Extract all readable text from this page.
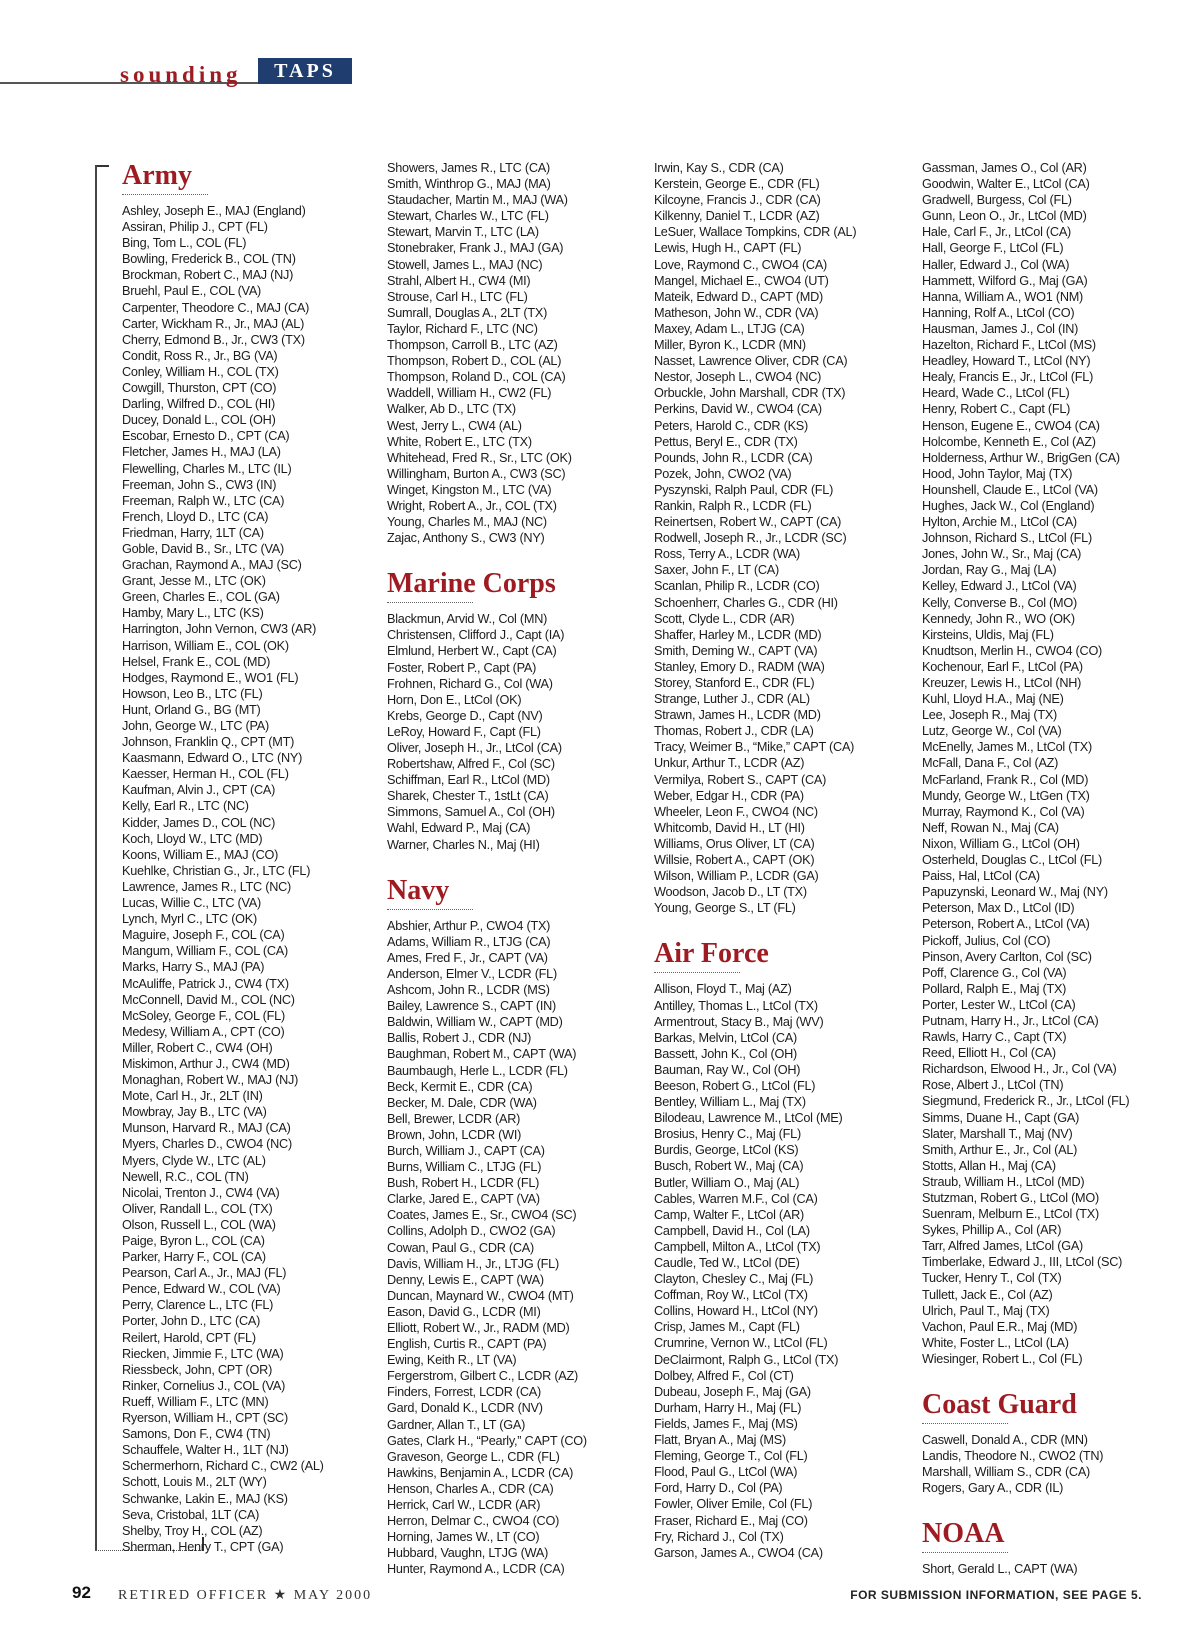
sounding	TAPS
Army
Ashley, Joseph E., MAJ (England)
Assiran, Philip J., CPT (FL)
Bing, Tom L., COL (FL)
Bowling, Frederick B., COL (TN)
Brockman, Robert C., MAJ (NJ)
Bruehl, Paul E., COL (VA)
Carpenter, Theodore C., MAJ (CA)
Carter, Wickham R., Jr., MAJ (AL)
Cherry, Edmond B., Jr., CW3 (TX)
Condit, Ross R., Jr., BG (VA)
Conley, William H., COL (TX)
Cowgill, Thurston, CPT (CO)
Darling, Wilfred D., COL (HI)
Ducey, Donald L., COL (OH)
Escobar, Ernesto D., CPT (CA)
Fletcher, James H., MAJ (LA)
Flewelling, Charles M., LTC (IL)
Freeman, John S., CW3 (IN)
Freeman, Ralph W., LTC (CA)
French, Lloyd D., LTC (CA)
Friedman, Harry, 1LT (CA)
Goble, David B., Sr., LTC (VA)
Grachan, Raymond A., MAJ (SC)
Grant, Jesse M., LTC (OK)
Green, Charles E., COL (GA)
Hamby, Mary L., LTC (KS)
Harrington, John Vernon, CW3 (AR)
Harrison, William E., COL (OK)
Helsel, Frank E., COL (MD)
Hodges, Raymond E., WO1 (FL)
Howson, Leo B., LTC (FL)
Hunt, Orland G., BG (MT)
John, George W., LTC (PA)
Johnson, Franklin Q., CPT (MT)
Kaasmann, Edward O., LTC (NY)
Kaesser, Herman H., COL (FL)
Kaufman, Alvin J., CPT (CA)
Kelly, Earl R., LTC (NC)
Kidder, James D., COL (NC)
Koch, Lloyd W., LTC (MD)
Koons, William E., MAJ (CO)
Kuehlke, Christian G., Jr., LTC (FL)
Lawrence, James R., LTC (NC)
Lucas, Willie C., LTC (VA)
Lynch, Myrl C., LTC (OK)
Maguire, Joseph F., COL (CA)
Mangum, William F., COL (CA)
Marks, Harry S., MAJ (PA)
McAuliffe, Patrick J., CW4 (TX)
McConnell, David M., COL (NC)
McSoley, George F., COL (FL)
Medesy, William A., CPT (CO)
Miller, Robert C., CW4 (OH)
Miskimon, Arthur J., CW4 (MD)
Monaghan, Robert W., MAJ (NJ)
Mote, Carl H., Jr., 2LT (IN)
Mowbray, Jay B., LTC (VA)
Munson, Harvard R., MAJ (CA)
Myers, Charles D., CWO4 (NC)
Myers, Clyde W., LTC (AL)
Newell, R.C., COL (TN)
Nicolai, Trenton J., CW4 (VA)
Oliver, Randall L., COL (TX)
Olson, Russell L., COL (WA)
Paige, Byron L., COL (CA)
Parker, Harry F., COL (CA)
Pearson, Carl A., Jr., MAJ (FL)
Pence, Edward W., COL (VA)
Perry, Clarence L., LTC (FL)
Porter, John D., LTC (CA)
Reilert, Harold, CPT (FL)
Riecken, Jimmie F., LTC (WA)
Riessbeck, John, CPT (OR)
Rinker, Cornelius J., COL (VA)
Rueff, William F., LTC (MN)
Ryerson, William H., CPT (SC)
Samons, Don F., CW4 (TN)
Schauffele, Walter H., 1LT (NJ)
Schermerhorn, Richard C., CW2 (AL)
Schott, Louis M., 2LT (WY)
Schwanke, Lakin E., MAJ (KS)
Seva, Cristobal, 1LT (CA)
Shelby, Troy H., COL (AZ)
Sherman, Henry T., CPT (GA)
Showers, James R., LTC (CA)
Smith, Winthrop G., MAJ (MA)
Staudacher, Martin M., MAJ (WA)
Stewart, Charles W., LTC (FL)
Stewart, Marvin T., LTC (LA)
Stonebraker, Frank J., MAJ (GA)
Stowell, James L., MAJ (NC)
Strahl, Albert H., CW4 (MI)
Strouse, Carl H., LTC (FL)
Sumrall, Douglas A., 2LT (TX)
Taylor, Richard F., LTC (NC)
Thompson, Carroll B., LTC (AZ)
Thompson, Robert D., COL (AL)
Thompson, Roland D., COL (CA)
Waddell, William H., CW2 (FL)
Walker, Ab D., LTC (TX)
West, Jerry L., CW4 (AL)
White, Robert E., LTC (TX)
Whitehead, Fred R., Sr., LTC (OK)
Willingham, Burton A., CW3 (SC)
Winget, Kingston M., LTC (VA)
Wright, Robert A., Jr., COL (TX)
Young, Charles M., MAJ (NC)
Zajac, Anthony S., CW3 (NY)
Marine Corps
Blackmun, Arvid W., Col (MN)
Christensen, Clifford J., Capt (IA)
Elmlund, Herbert W., Capt (CA)
Foster, Robert P., Capt (PA)
Frohnen, Richard G., Col (WA)
Horn, Don E., LtCol (OK)
Krebs, George D., Capt (NV)
LeRoy, Howard F., Capt (FL)
Oliver, Joseph H., Jr., LtCol (CA)
Robertshaw, Alfred F., Col (SC)
Schiffman, Earl R., LtCol (MD)
Sharek, Chester T., 1stLt (CA)
Simmons, Samuel A., Col (OH)
Wahl, Edward P., Maj (CA)
Warner, Charles N., Maj (HI)
Navy
Abshier, Arthur P., CWO4 (TX)
Adams, William R., LTJG (CA)
Ames, Fred F., Jr., CAPT (VA)
Anderson, Elmer V., LCDR (FL)
Ashcom, John R., LCDR (MS)
Bailey, Lawrence S., CAPT (IN)
Baldwin, William W., CAPT (MD)
Ballis, Robert J., CDR (NJ)
Baughman, Robert M., CAPT (WA)
Baumbaugh, Herle L., LCDR (FL)
Beck, Kermit E., CDR (CA)
Becker, M. Dale, CDR (WA)
Bell, Brewer, LCDR (AR)
Brown, John, LCDR (WI)
Burch, William J., CAPT (CA)
Burns, William C., LTJG (FL)
Bush, Robert H., LCDR (FL)
Clarke, Jared E., CAPT (VA)
Coates, James E., Sr., CWO4 (SC)
Collins, Adolph D., CWO2 (GA)
Cowan, Paul G., CDR (CA)
Davis, William H., Jr., LTJG (FL)
Denny, Lewis E., CAPT (WA)
Duncan, Maynard W., CWO4 (MT)
Eason, David G., LCDR (MI)
Elliott, Robert W., Jr., RADM (MD)
English, Curtis R., CAPT (PA)
Ewing, Keith R., LT (VA)
Fergerstrom, Gilbert C., LCDR (AZ)
Finders, Forrest, LCDR (CA)
Gard, Donald K., LCDR (NV)
Gardner, Allan T., LT (GA)
Gates, Clark H., “Pearly,” CAPT (CO)
Graveson, George L., CDR (FL)
Hawkins, Benjamin A., LCDR (CA)
Henson, Charles A., CDR (CA)
Herrick, Carl W., LCDR (AR)
Herron, Delmar C., CWO4 (CO)
Horning, James W., LT (CO)
Hubbard, Vaughn, LTJG (WA)
Hunter, Raymond A., LCDR (CA)
Irwin, Kay S., CDR (CA)
Kerstein, George E., CDR (FL)
Kilcoyne, Francis J., CDR (CA)
Kilkenny, Daniel T., LCDR (AZ)
LeSuer, Wallace Tompkins, CDR (AL)
Lewis, Hugh H., CAPT (FL)
Love, Raymond C., CWO4 (CA)
Mangel, Michael E., CWO4 (UT)
Mateik, Edward D., CAPT (MD)
Matheson, John W., CDR (VA)
Maxey, Adam L., LTJG (CA)
Miller, Byron K., LCDR (MN)
Nasset, Lawrence Oliver, CDR (CA)
Nestor, Joseph L., CWO4 (NC)
Orbuckle, John Marshall, CDR (TX)
Perkins, David W., CWO4 (CA)
Peters, Harold C., CDR (KS)
Pettus, Beryl E., CDR (TX)
Pounds, John R., LCDR (CA)
Pozek, John, CWO2 (VA)
Pyszynski, Ralph Paul, CDR (FL)
Rankin, Ralph R., LCDR (FL)
Reinertsen, Robert W., CAPT (CA)
Rodwell, Joseph R., Jr., LCDR (SC)
Ross, Terry A., LCDR (WA)
Saxer, John F., LT (CA)
Scanlan, Philip R., LCDR (CO)
Schoenherr, Charles G., CDR (HI)
Scott, Clyde L., CDR (AR)
Shaffer, Harley M., LCDR (MD)
Smith, Deming W., CAPT (VA)
Stanley, Emory D., RADM (WA)
Storey, Stanford E., CDR (FL)
Strange, Luther J., CDR (AL)
Strawn, James H., LCDR (MD)
Thomas, Robert J., CDR (LA)
Tracy, Weimer B., “Mike,” CAPT (CA)
Unkur, Arthur T., LCDR (AZ)
Vermilya, Robert S., CAPT (CA)
Weber, Edgar H., CDR (PA)
Wheeler, Leon F., CWO4 (NC)
Whitcomb, David H., LT (HI)
Williams, Orus Oliver, LT (CA)
Willsie, Robert A., CAPT (OK)
Wilson, William P., LCDR (GA)
Woodson, Jacob D., LT (TX)
Young, George S., LT (FL)
Air Force
Allison, Floyd T., Maj (AZ)
Antilley, Thomas L., LtCol (TX)
Armentrout, Stacy B., Maj (WV)
Barkas, Melvin, LtCol (CA)
Bassett, John K., Col (OH)
Bauman, Ray W., Col (OH)
Beeson, Robert G., LtCol (FL)
Bentley, William L., Maj (TX)
Bilodeau, Lawrence M., LtCol (ME)
Brosius, Henry C., Maj (FL)
Burdis, George, LtCol (KS)
Busch, Robert W., Maj (CA)
Butler, William O., Maj (AL)
Cables, Warren M.F., Col (CA)
Camp, Walter F., LtCol (AR)
Campbell, David H., Col (LA)
Campbell, Milton A., LtCol (TX)
Caudle, Ted W., LtCol (DE)
Clayton, Chesley C., Maj (FL)
Coffman, Roy W., LtCol (TX)
Collins, Howard H., LtCol (NY)
Crisp, James M., Capt (FL)
Crumrine, Vernon W., LtCol (FL)
DeClairmont, Ralph G., LtCol (TX)
Dolbey, Alfred F., Col (CT)
Dubeau, Joseph F., Maj (GA)
Durham, Harry H., Maj (FL)
Fields, James F., Maj (MS)
Flatt, Bryan A., Maj (MS)
Fleming, George T., Col (FL)
Flood, Paul G., LtCol (WA)
Ford, Harry D., Col (PA)
Fowler, Oliver Emile, Col (FL)
Fraser, Richard E., Maj (CO)
Fry, Richard J., Col (TX)
Garson, James A., CWO4 (CA)
Gassman, James O., Col (AR)
Goodwin, Walter E., LtCol (CA)
Gradwell, Burgess, Col (FL)
Gunn, Leon O., Jr., LtCol (MD)
Hale, Carl F., Jr., LtCol (CA)
Hall, George F., LtCol (FL)
Haller, Edward J., Col (WA)
Hammett, Wilford G., Maj (GA)
Hanna, William A., WO1 (NM)
Hanning, Rolf A., LtCol (CO)
Hausman, James J., Col (IN)
Hazelton, Richard F., LtCol (MS)
Headley, Howard T., LtCol (NY)
Healy, Francis E., Jr., LtCol (FL)
Heard, Wade C., LtCol (FL)
Henry, Robert C., Capt (FL)
Henson, Eugene E., CWO4 (CA)
Holcombe, Kenneth E., Col (AZ)
Holderness, Arthur W., BrigGen (CA)
Hood, John Taylor, Maj (TX)
Hounshell, Claude E., LtCol (VA)
Hughes, Jack W., Col (England)
Hylton, Archie M., LtCol (CA)
Johnson, Richard S., LtCol (FL)
Jones, John W., Sr., Maj (CA)
Jordan, Ray G., Maj (LA)
Kelley, Edward J., LtCol (VA)
Kelly, Converse B., Col (MO)
Kennedy, John R., WO (OK)
Kirsteins, Uldis, Maj (FL)
Knudtson, Merlin H., CWO4 (CO)
Kochenour, Earl F., LtCol (PA)
Kreuzer, Lewis H., LtCol (NH)
Kuhl, Lloyd H.A., Maj (NE)
Lee, Joseph R., Maj (TX)
Lutz, George W., Col (VA)
McEnelly, James M., LtCol (TX)
McFall, Dana F., Col (AZ)
McFarland, Frank R., Col (MD)
Mundy, George W., LtGen (TX)
Murray, Raymond K., Col (VA)
Neff, Rowan N., Maj (CA)
Nixon, William G., LtCol (OH)
Osterheld, Douglas C., LtCol (FL)
Paiss, Hal, LtCol (CA)
Papuzynski, Leonard W., Maj (NY)
Peterson, Max D., LtCol (ID)
Peterson, Robert A., LtCol (VA)
Pickoff, Julius, Col (CO)
Pinson, Avery Carlton, Col (SC)
Poff, Clarence G., Col (VA)
Pollard, Ralph E., Maj (TX)
Porter, Lester W., LtCol (CA)
Putnam, Harry H., Jr., LtCol (CA)
Rawls, Harry C., Capt (TX)
Reed, Elliott H., Col (CA)
Richardson, Elwood H., Jr., Col (VA)
Rose, Albert J., LtCol (TN)
Siegmund, Frederick R., Jr., LtCol (FL)
Simms, Duane H., Capt (GA)
Slater, Marshall T., Maj (NV)
Smith, Arthur E., Jr., Col (AL)
Stotts, Allan H., Maj (CA)
Straub, William H., LtCol (MD)
Stutzman, Robert G., LtCol (MO)
Suenram, Melburn E., LtCol (TX)
Sykes, Phillip A., Col (AR)
Tarr, Alfred James, LtCol (GA)
Timberlake, Edward J., III, LtCol (SC)
Tucker, Henry T., Col (TX)
Tullett, Jack E., Col (AZ)
Ulrich, Paul T., Maj (TX)
Vachon, Paul E.R., Maj (MD)
White, Foster L., LtCol (LA)
Wiesinger, Robert L., Col (FL)
Coast Guard
Caswell, Donald A., CDR (MN)
Landis, Theodore N., CWO2 (TN)
Marshall, William S., CDR (CA)
Rogers, Gary A., CDR (IL)
NOAA
Short, Gerald L., CAPT (WA)
92 RETIRED OFFICER ★ MAY 2000	FOR SUBMISSION INFORMATION, SEE PAGE 5.
